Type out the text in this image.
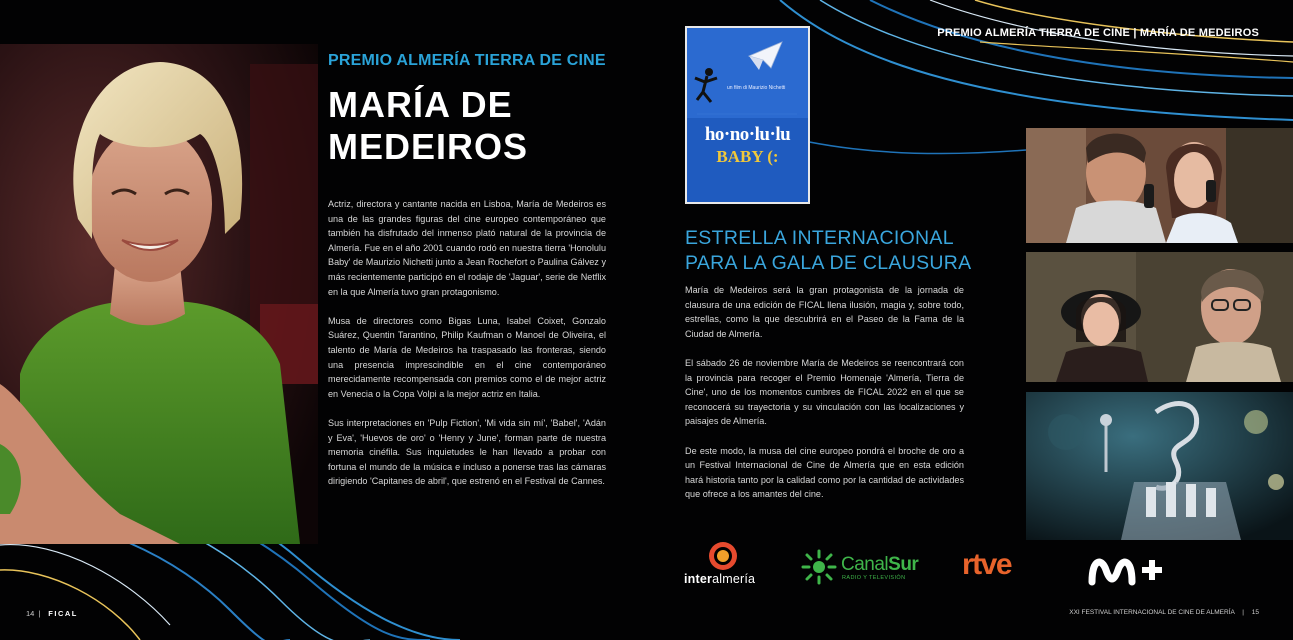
PREMIO ALMERÍA TIERRA DE CINE
MARÍA DE MEDEIROS

Actriz, directora y cantante nacida en Lisboa, María de Medeiros es una de las grandes figuras del cine europeo contemporáneo que también ha disfrutado del inmenso plató natural de la provincia de Almería. Fue en el año 2001 cuando rodó en nuestra tierra 'Honolulu Baby' de Maurizio Nichetti junto a Jean Rochefort o Paulina Gálvez y más recientemente participó en el rodaje de 'Jaguar', serie de Netflix en la que Almería tuvo gran protagonismo.

Musa de directores como Bigas Luna, Isabel Coixet, Gonzalo Suárez, Quentin Tarantino, Philip Kaufman o Manoel de Oliveira, el talento de María de Medeiros ha traspasado las fronteras, siendo una presencia imprescindible en el cine contemporáneo merecidamente recompensada con premios como el de mejor actriz en Venecia o la Copa Volpi a la mejor actriz en Italia.

Sus interpretaciones en 'Pulp Fiction', 'Mi vida sin mí', 'Babel', 'Adán y Eva', 'Huevos de oro' o 'Henry y June', forman parte de nuestra memoria cinéfila. Sus inquietudes le han llevado a probar con fortuna el mundo de la música e incluso a ponerse tras las cámaras dirigiendo 'Capitanes de abril', que estrenó en el Festival de Cannes.

14 | FICAL
PREMIO ALMERÍA TIERRA DE CINE | MARÍA DE MEDEIROS
un film di Maurizio Nichetti
ho·no·lu·lu
BABY (:
ESTRELLA INTERNACIONAL PARA LA GALA DE CLAUSURA

María de Medeiros será la gran protagonista de la jornada de clausura de una edición de FICAL llena ilusión, magia y, sobre todo, estrellas, como la que descubrirá en el Paseo de la Fama de la Ciudad de Almería.

El sábado 26 de noviembre María de Medeiros se reencontrará con la provincia para recoger el Premio Homenaje 'Almería, Tierra de Cine', uno de los momentos cumbres de FICAL 2022 en el que se reconocerá su trayectoria y su vinculación con las localizaciones y paisajes de Almería.

De este modo, la musa del cine europeo pondrá el broche de oro a un Festival Internacional de Cine de Almería que en esta edición hará historia tanto por la calidad como por la cantidad de actividades que ofrece a los amantes del cine.

interalmería
CanalSur
RADIO Y TELEVISIÓN rtve
XXI FESTIVAL INTERNACIONAL DE CINE DE ALMERÍA | 15
